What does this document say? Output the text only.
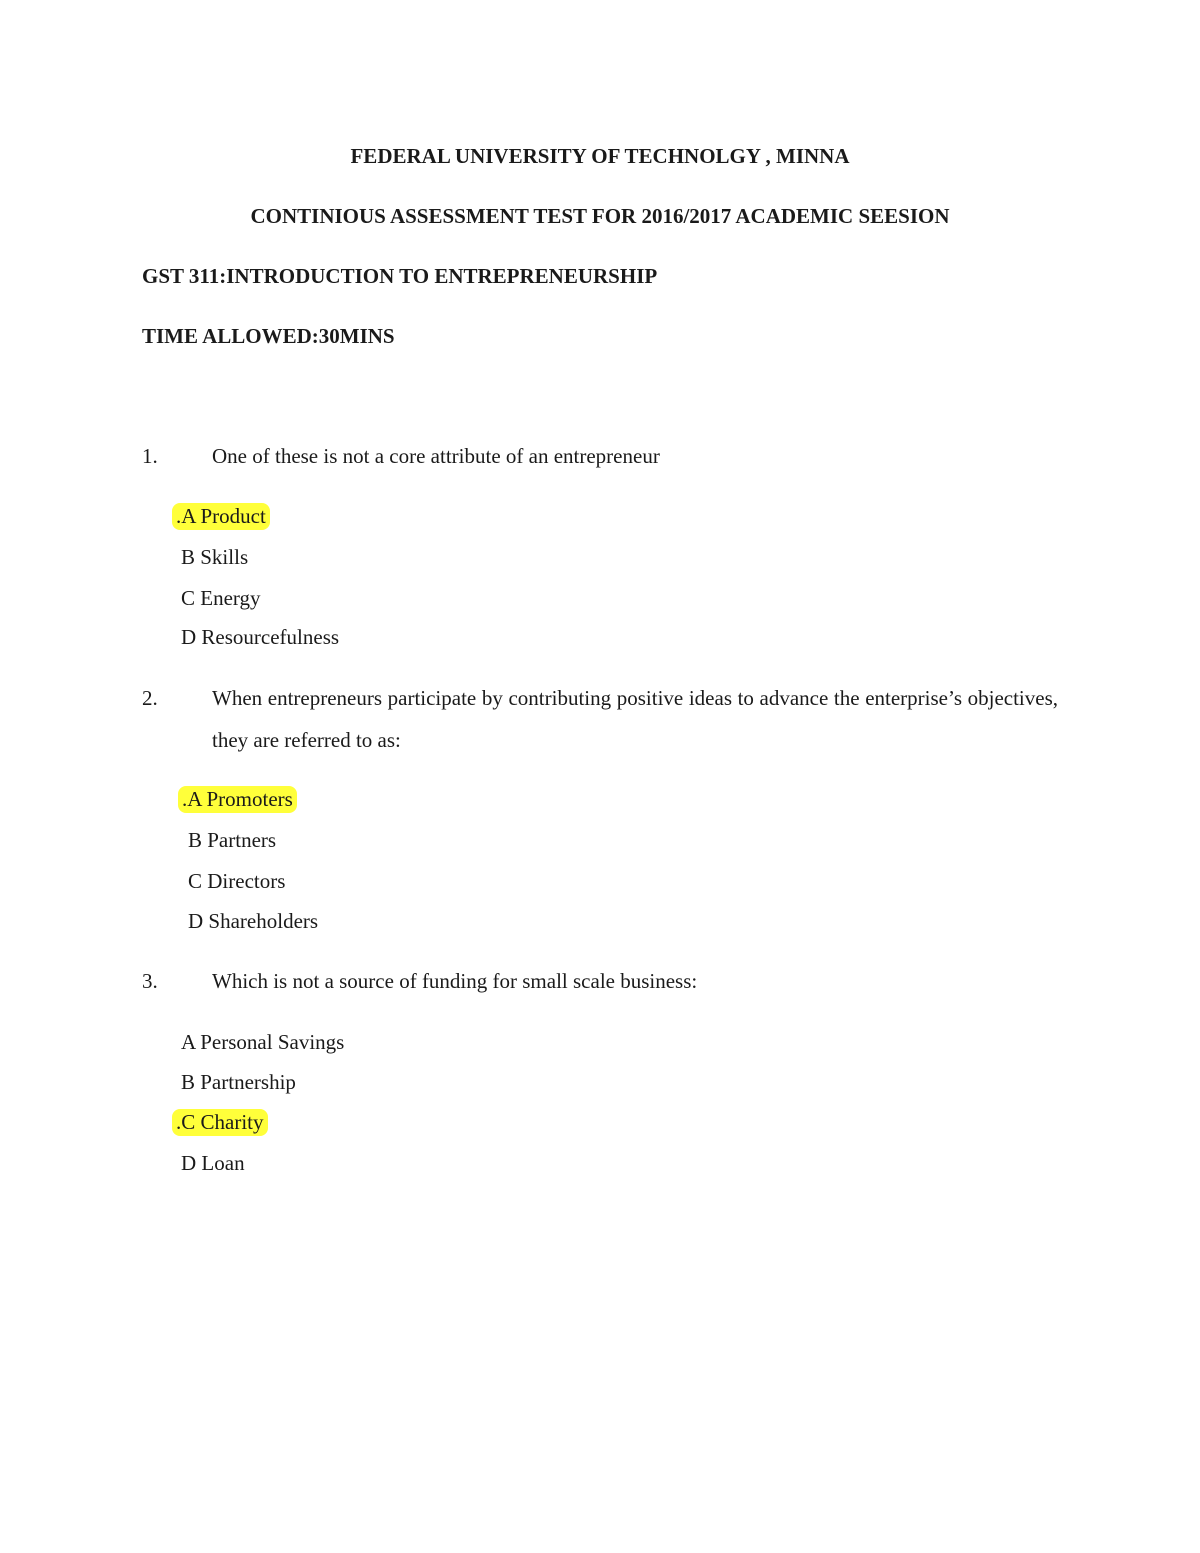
FEDERAL UNIVERSITY OF TECHNOLGY , MINNA
CONTINIOUS ASSESSMENT TEST FOR 2016/2017 ACADEMIC SEESION
GST 311:INTRODUCTION TO ENTREPRENEURSHIP
TIME ALLOWED:30MINS
1.	One of these is not a core attribute of an entrepreneur
.A Product
B Skills
C Energy
D Resourcefulness
2.	When entrepreneurs participate by contributing positive ideas to advance the enterprise’s objectives, they are referred to as:
.A Promoters
B Partners
C Directors
D Shareholders
3.	Which is not a source of funding for small scale business:
A Personal Savings
B Partnership
.C Charity
D Loan
